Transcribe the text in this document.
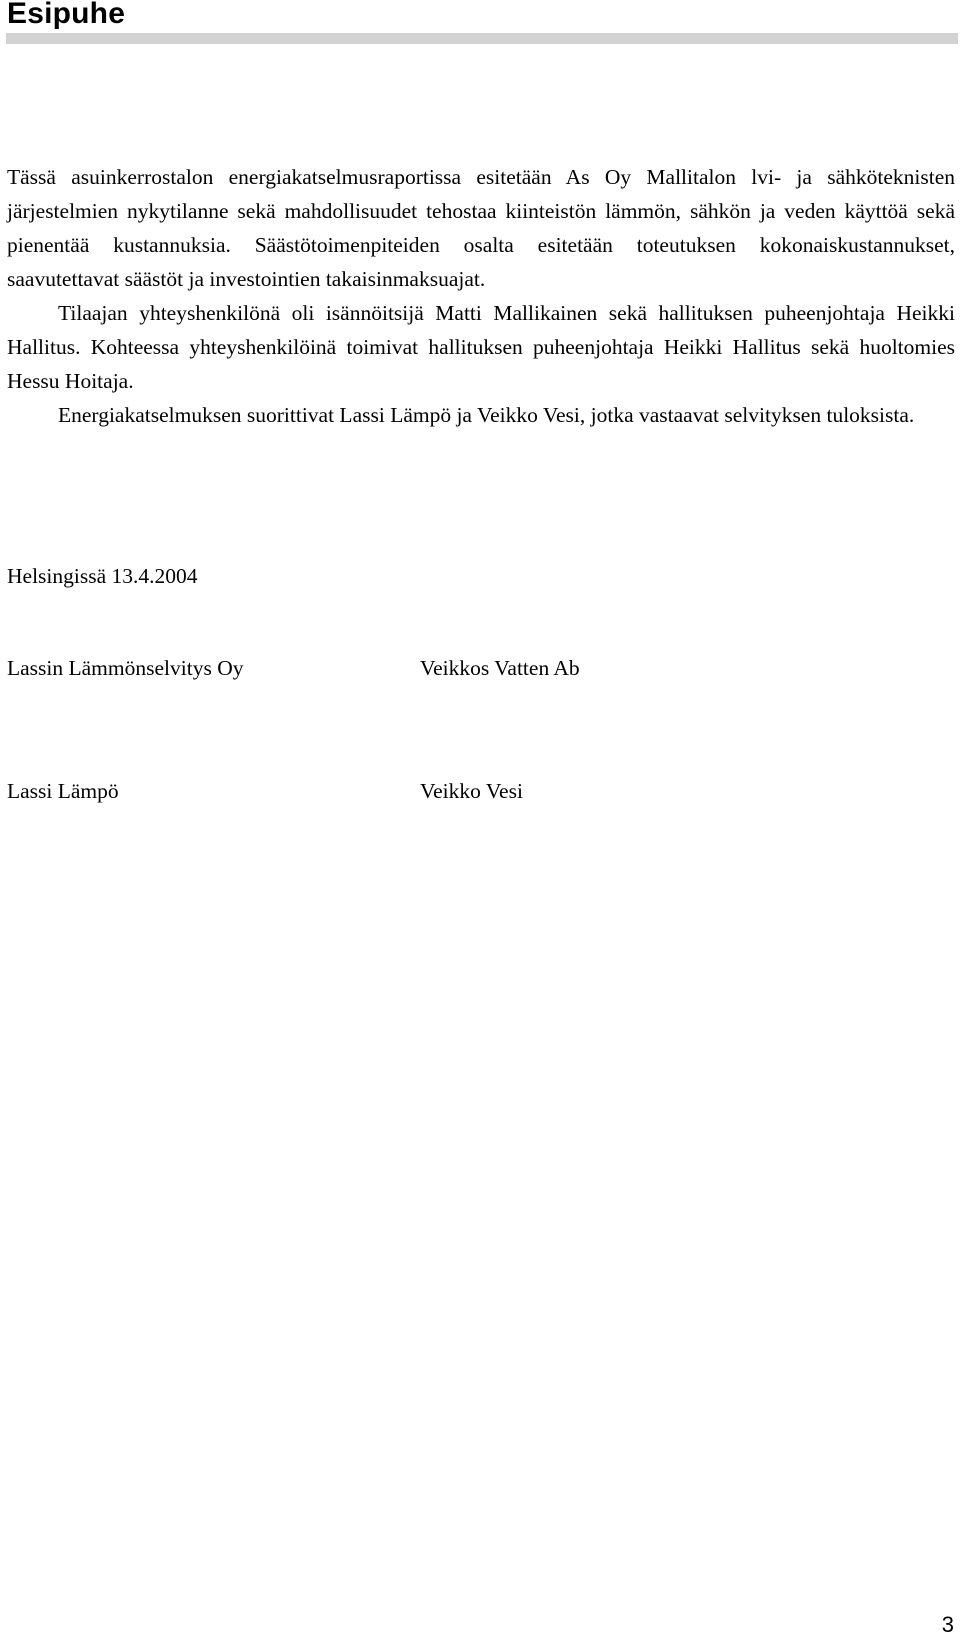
Esipuhe

Tässä asuinkerrostalon energiakatselmusraportissa esitetään As Oy Mallitalon lvi- ja sähköteknisten järjestelmien nykytilanne sekä mahdollisuudet tehostaa kiinteistön lämmön, sähkön ja veden käyttöä sekä pienentää kustannuksia. Säästötoimenpiteiden osalta esitetään toteutuksen kokonaiskustannukset, saavutettavat säästöt ja investointien takaisinmaksuajat.

Tilaajan yhteyshenkilönä oli isännöitsijä Matti Mallikainen sekä hallituksen puheenjohtaja Heikki Hallitus. Kohteessa yhteyshenkilöinä toimivat hallituksen puheenjohtaja Heikki Hallitus sekä huoltomies Hessu Hoitaja.

Energiakatselmuksen suorittivat Lassi Lämpö ja Veikko Vesi, jotka vastaavat selvityksen tuloksista.

Helsingissä 13.4.2004

Lassin Lämmönselvitys Oy	Veikkos Vatten Ab

Lassi Lämpö	Veikko Vesi

3
